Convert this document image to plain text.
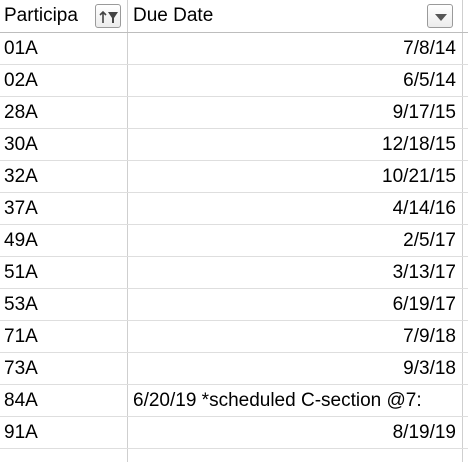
Participa	Due Date
01A	7/8/14
02A	6/5/14
28A	9/17/15
30A	12/18/15
32A	10/21/15
37A	4/14/16
49A	2/5/17
51A	3/13/17
53A	6/19/17
71A	7/9/18
73A	9/3/18
84A	6/20/19 *scheduled C-section @7:
91A	8/19/19
